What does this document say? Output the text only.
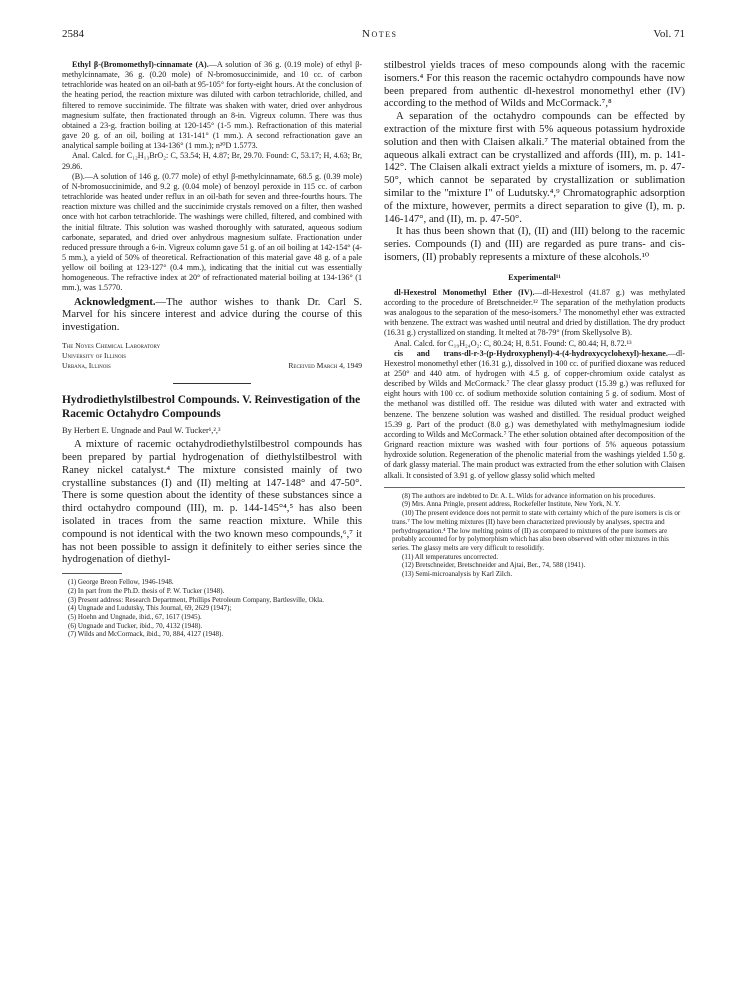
2584	Notes	Vol. 71

Ethyl β-(Bromomethyl)-cinnamate (A).—A solution of 36 g. (0.19 mole) of ethyl β-methylcinnamate, 36 g. (0.20 mole) of N-bromosuccinimide, and 10 cc. of carbon tetrachloride was heated on an oil-bath at 95-105° for forty-eight hours. At the conclusion of the heating period, the reaction mixture was diluted with carbon tetrachloride, chilled, and filtered to remove succinimide. The filtrate was shaken with water, dried over anhydrous magnesium sulfate, then fractionated through an 8-in. Vigreux column. There was thus obtained a 23-g. fraction boiling at 120-145° (1-5 mm.). Refractionation of this material gave 20 g. of an oil, boiling at 131-141° (1 mm.). A second refractionation gave an analytical sample boiling at 134-136° (1 mm.); n²⁰D 1.5773.

Anal. Calcd. for C₁₂H₁₃BrO₂: C, 53.54; H, 4.87; Br, 29.70. Found: C, 53.17; H, 4.63; Br, 29.86.

(B).—A solution of 146 g. (0.77 mole) of ethyl β-methylcinnamate, 68.5 g. (0.39 mole) of N-bromosuccinimide, and 9.2 g. (0.04 mole) of benzoyl peroxide in 115 cc. of carbon tetrachloride was heated under reflux in an oil-bath for seven and three-fourths hours. The reaction mixture was chilled and the succinimide crystals removed on a filter, then washed once with hot carbon tetrachloride. The washings were chilled, filtered, and combined with the initial filtrate. This solution was washed thoroughly with saturated, aqueous sodium carbonate, separated, and dried over anhydrous magnesium sulfate. Fractionation under reduced pressure through a 6-in. Vigreux column gave 51 g. of an oil boiling at 142-154° (4-5 mm.), a yield of 50% of theoretical. Refractionation of this material gave 48 g. of a pale yellow oil boiling at 123-127° (0.4 mm.), indicating that the initial cut was essentially homogeneous. The refractive index at 20° of refractionated material boiling at 134-136° (1 mm.), was 1.5770.

Acknowledgment.—The author wishes to thank Dr. Carl S. Marvel for his sincere interest and advice during the course of this investigation.

The Noyes Chemical Laboratory
University of Illinois
Urbana, Illinois	Received March 4, 1949
Hydrodiethylstilbestrol Compounds. V. Reinvestigation of the Racemic Octahydro Compounds
By Herbert E. Ungnade and Paul W. Tucker¹,²,³

A mixture of racemic octahydrodiethylstilbestrol compounds has been prepared by partial hydrogenation of diethylstilbestrol with Raney nickel catalyst.⁴ The mixture consisted mainly of two crystalline substances (I) and (II) melting at 147-148° and 47-50°. There is some question about the identity of these substances since a third octahydro compound (III), m. p. 144-145°⁴,⁵ has also been isolated in traces from the same reaction mixture. While this compound is not identical with the two known meso compounds,⁶,⁷ it has not been possible to assign it definitely to either series since the hydrogenation of diethyl-

(1) George Breon Fellow, 1946-1948.

(2) In part from the Ph.D. thesis of P. W. Tucker (1948).

(3) Present address: Research Department, Phillips Petroleum Company, Bartlesville, Okla.

(4) Ungnade and Ludutsky, This Journal, 69, 2629 (1947);

(5) Hoehn and Ungnade, ibid., 67, 1617 (1945).

(6) Ungnade and Tucker, ibid., 70, 4132 (1948).

(7) Wilds and McCormack, ibid., 70, 884, 4127 (1948).

stilbestrol yields traces of meso compounds along with the racemic isomers.⁴ For this reason the racemic octahydro compounds have now been prepared from authentic dl-hexestrol monomethyl ether (IV) according to the method of Wilds and McCormack.⁷,⁸

A separation of the octahydro compounds can be effected by extraction of the mixture first with 5% aqueous potassium hydroxide solution and then with Claisen alkali.⁷ The material obtained from the aqueous alkali extract can be crystallized and affords (III), m. p. 141-142°. The Claisen alkali extract yields a mixture of isomers, m. p. 47-50°, which cannot be separated by crystallization or sublimation similar to the "mixture I" of Ludutsky.⁴,⁹ Chromatographic adsorption of the mixture, however, permits a direct separation to give (I), m. p. 146-147°, and (II), m. p. 47-50°.

It has thus been shown that (I), (II) and (III) belong to the racemic series. Compounds (I) and (III) are regarded as pure trans- and cis-isomers, (II) probably represents a mixture of these alcohols.¹⁰

Experimental¹¹

dl-Hexestrol Monomethyl Ether (IV).—dl-Hexestrol (41.87 g.) was methylated according to the procedure of Bretschneider.¹² The separation of the methylation products was analogous to the separation of the meso-isomers.⁷ The monomethyl ether was extracted with benzene. The extract was washed until neutral and dried by distillation. The dry product (16.31 g.) crystallized on standing. It melted at 78-79° (from Skellysolve B).

Anal. Calcd. for C₁₉H₂₄O₂: C, 80.24; H, 8.51. Found: C, 80.44; H, 8.72.¹³

cis and trans-dl-r-3-(p-Hydroxyphenyl)-4-(4-hydroxycyclohexyl)-hexane.—dl-Hexestrol monomethyl ether (16.31 g.), dissolved in 100 cc. of purified dioxane was reduced at 250° and 440 atm. of hydrogen with 4.5 g. of copper-chromium oxide catalyst as described by Wilds and McCormack.⁷ The clear glassy product (15.39 g.) was refluxed for eight hours with 100 cc. of sodium methoxide solution containing 5 g. of sodium. Most of the methanol was distilled off. The residue was diluted with water and extracted with benzene. The benzene solution was washed and distilled. The residual product weighed 15.39 g. Part of the product (8.0 g.) was demethylated with methylmagnesium iodide according to Wilds and McCormack.⁷ The ether solution obtained after decomposition of the Grignard reaction mixture was washed with four portions of 5% aqueous potassium hydroxide solution. Regeneration of the phenolic material from the washings yielded 1.50 g. of dark glassy material. The main product was extracted from the ether solution with Claisen alkali. It consisted of 3.91 g. of yellow glassy solid which melted

(8) The authors are indebted to Dr. A. L. Wilds for advance information on his procedures.

(9) Mrs. Anna Pringle, present address, Rockefeller Institute, New York, N. Y.

(10) The present evidence does not permit to state with certainty which of the pure isomers is cis or trans.⁷ The low melting mixtures (II) have been characterized previously by analyses, spectra and perhydrogenation.⁴ The low melting points of (II) as compared to mixtures of the pure isomers are probably accounted for by polymorphism which has also been observed with other mixtures in this series. The glassy melts are very difficult to resolidify.

(11) All temperatures uncorrected.

(12) Bretschneider, Bretschneider and Ajtai, Ber., 74, 588 (1941).

(13) Semi-microanalysis by Karl Zilch.
